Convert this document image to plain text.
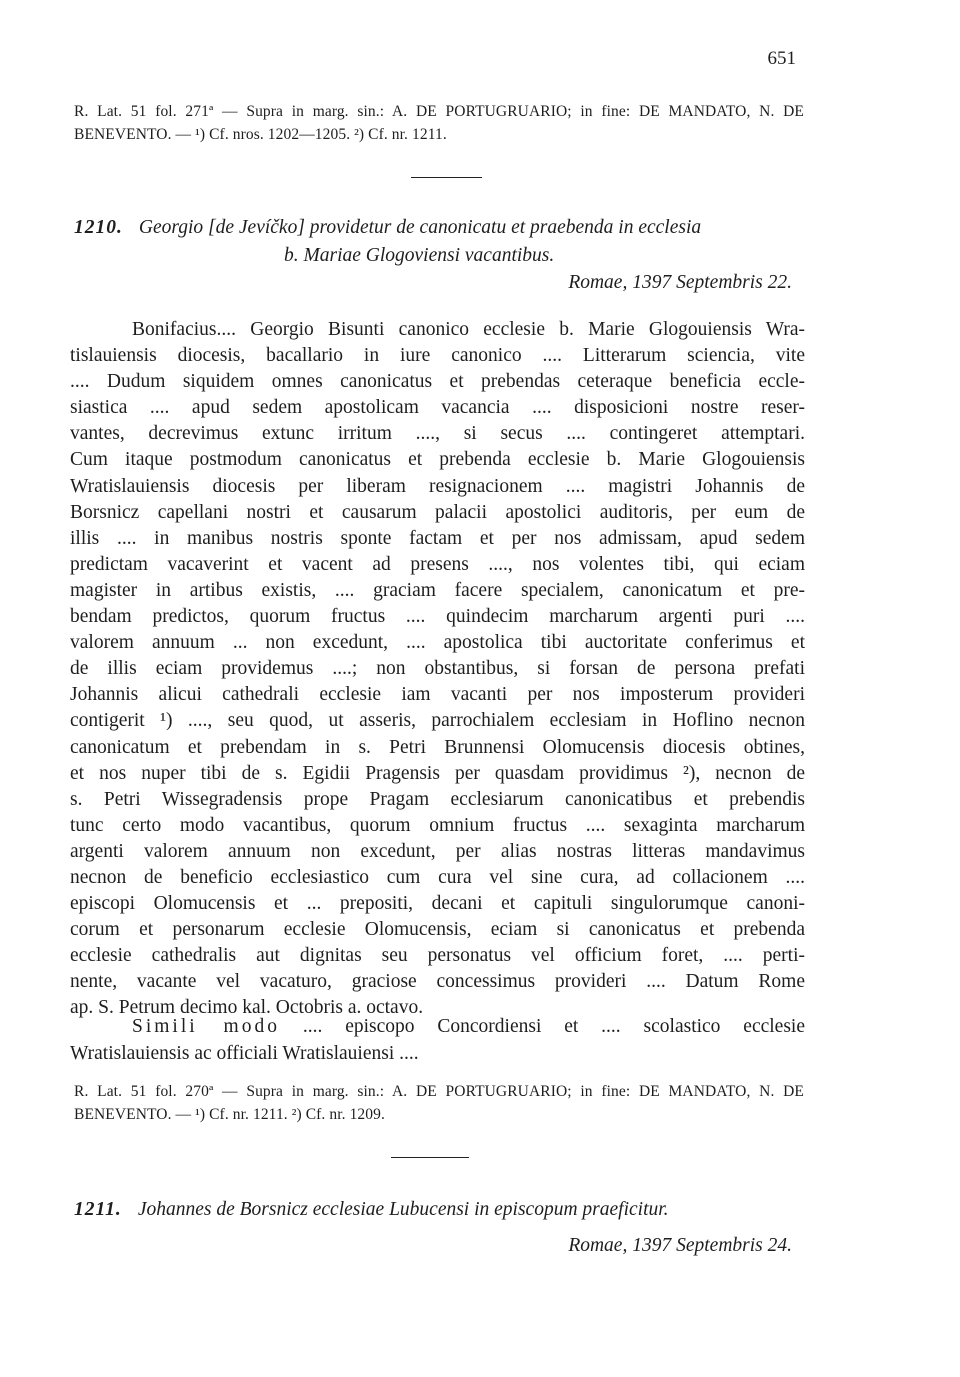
651
R. Lat. 51 fol. 271ª — Supra in marg. sin.: A. DE PORTUGRUARIO; in fine: DE MANDATO, N. DE BENEVENTO. — ¹) Cf. nros. 1202—1205. ²) Cf. nr. 1211.
1210. Georgio [de Jevíčko] providetur de canonicatu et praebenda in ecclesia
b. Mariae Glogoviensi vacantibus.
Romae, 1397 Septembris 22.
Bonifacius.... Georgio Bisunti canonico ecclesie b. Marie Glogouiensis Wra-
tislauiensis diocesis, bacallario in iure canonico .... Litterarum sciencia, vite
.... Dudum siquidem omnes canonicatus et prebendas ceteraque beneficia eccle-
siastica .... apud sedem apostolicam vacancia .... disposicioni nostre reser-
vantes, decrevimus extunc irritum ...., si secus .... contingeret attemptari.
Cum itaque postmodum canonicatus et prebenda ecclesie b. Marie Glogouiensis
Wratislauiensis diocesis per liberam resignacionem .... magistri Johannis de
Borsnicz capellani nostri et causarum palacii apostolici auditoris, per eum de
illis .... in manibus nostris sponte factam et per nos admissam, apud sedem
predictam vacaverint et vacent ad presens ...., nos volentes tibi, qui eciam
magister in artibus existis, .... graciam facere specialem, canonicatum et pre-
bendam predictos, quorum fructus .... quindecim marcharum argenti puri ....
valorem annuum ... non excedunt, .... apostolica tibi auctoritate conferimus et
de illis eciam providemus ....; non obstantibus, si forsan de persona prefati
Johannis alicui cathedrali ecclesie iam vacanti per nos imposterum provideri
contigerit ¹) ...., seu quod, ut asseris, parrochialem ecclesiam in Hoflino necnon
canonicatum et prebendam in s. Petri Brunnensi Olomucensis diocesis obtines,
et nos nuper tibi de s. Egidii Pragensis per quasdam providimus ²), necnon de
s. Petri Wissegradensis prope Pragam ecclesiarum canonicatibus et prebendis
tunc certo modo vacantibus, quorum omnium fructus .... sexaginta marcharum
argenti valorem annuum non excedunt, per alias nostras litteras mandavimus
necnon de beneficio ecclesiastico cum cura vel sine cura, ad collacionem ....
episcopi Olomucensis et ... prepositi, decani et capituli singulorumque canoni-
corum et personarum ecclesie Olomucensis, eciam si canonicatus et prebenda
ecclesie cathedralis aut dignitas seu personatus vel officium foret, .... perti-
nente, vacante vel vacaturo, graciose concessimus provideri .... Datum Rome
ap. S. Petrum decimo kal. Octobris a. octavo.
Simili modo .... episcopo Concordiensi et .... scolastico ecclesie
Wratislauiensis ac officiali Wratislauiensi ....
R. Lat. 51 fol. 270ª — Supra in marg. sin.: A. DE PORTUGRUARIO; in fine: DE MANDATO, N. DE BENEVENTO. — ¹) Cf. nr. 1211. ²) Cf. nr. 1209.
1211. Johannes de Borsnicz ecclesiae Lubucensi in episcopum praeficitur.
Romae, 1397 Septembris 24.
